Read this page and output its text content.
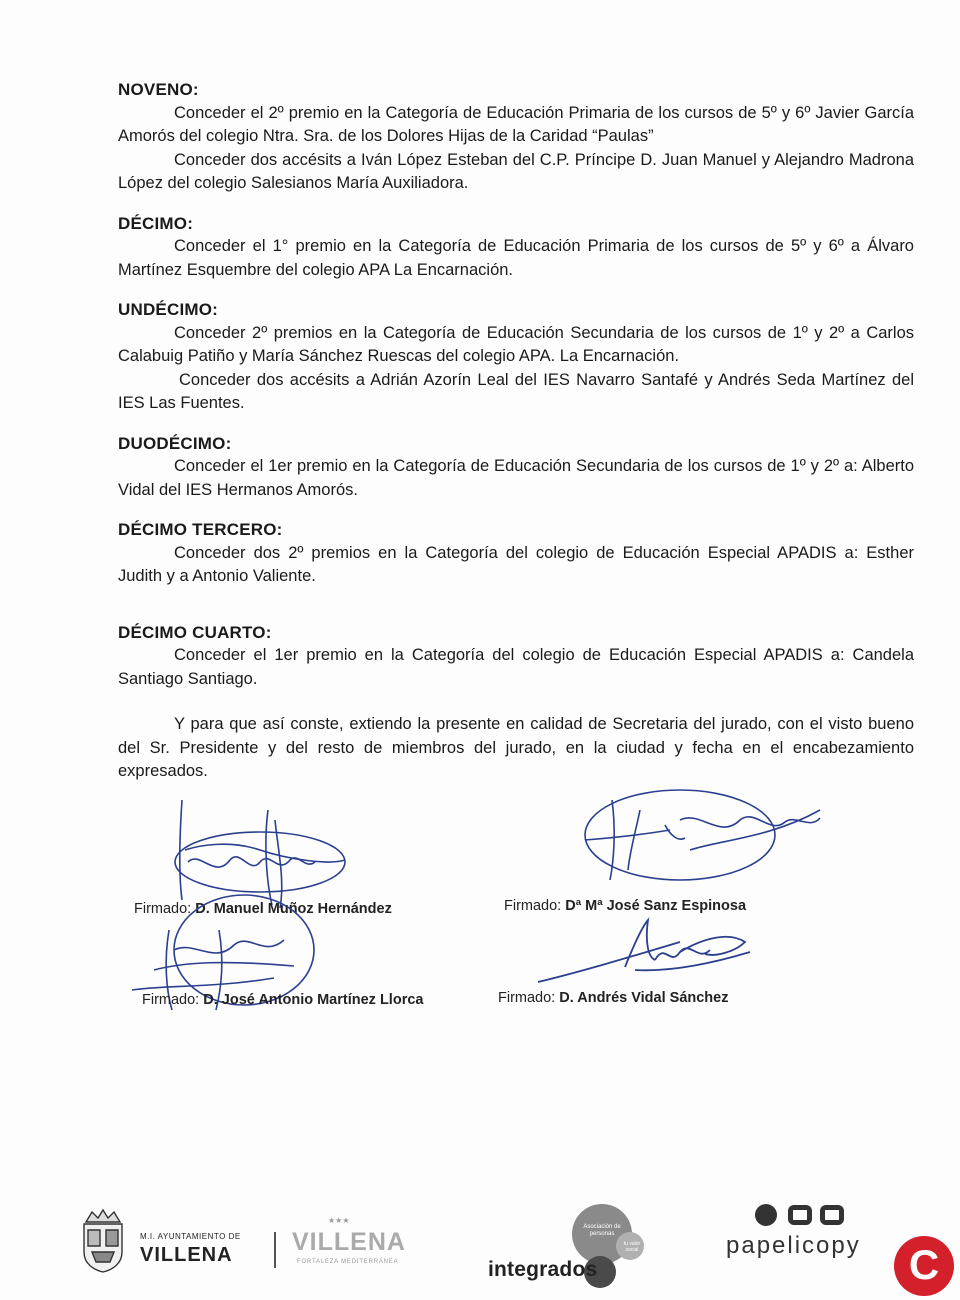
NOVENO:

Conceder el 2º premio en la Categoría de Educación Primaria de los cursos de 5º y 6º Javier García Amorós del colegio Ntra. Sra. de los Dolores Hijas de la Caridad “Paulas”

Conceder dos accésits a Iván López Esteban del C.P. Príncipe D. Juan Manuel y Alejandro Madrona López del colegio Salesianos María Auxiliadora.

DÉCIMO:

Conceder el 1° premio en la Categoría de Educación Primaria de los cursos de 5º y 6º a Álvaro Martínez Esquembre del colegio APA La Encarnación.

UNDÉCIMO:

Conceder 2º premios en la Categoría de Educación Secundaria de los cursos de 1º y 2º a Carlos Calabuig Patiño y María Sánchez Ruescas del colegio APA. La Encarnación.

Conceder dos accésits a Adrián Azorín Leal del IES Navarro Santafé y Andrés Seda Martínez del IES Las Fuentes.

DUODÉCIMO:

Conceder el 1er premio en la Categoría de Educación Secundaria de los cursos de 1º y 2º a: Alberto Vidal del IES Hermanos Amorós.

DÉCIMO TERCERO:

Conceder dos 2º premios en la Categoría del colegio de Educación Especial APADIS a: Esther Judith y a Antonio Valiente.

DÉCIMO CUARTO:

Conceder el 1er premio en la Categoría del colegio de Educación Especial APADIS a: Candela Santiago Santiago.

Y para que así conste, extiendo la presente en calidad de Secretaria del jurado, con el visto bueno del Sr. Presidente y del resto de miembros del jurado, en la ciudad y fecha en el encabezamiento expresados.

Firmado: D. Manuel Muñoz Hernández	Firmado: Dª Mª José Sanz Espinosa
Firmado: D. José Antonio Martínez Llorca	Firmado: D. Andrés Vidal Sánchez
M.I. AYUNTAMIENTO DE
VILLENA
★★★
VILLENA
FORTALEZA MEDITERRÁNEA
Asociación de personas
tu valor social
integrados
papelicopy	C
